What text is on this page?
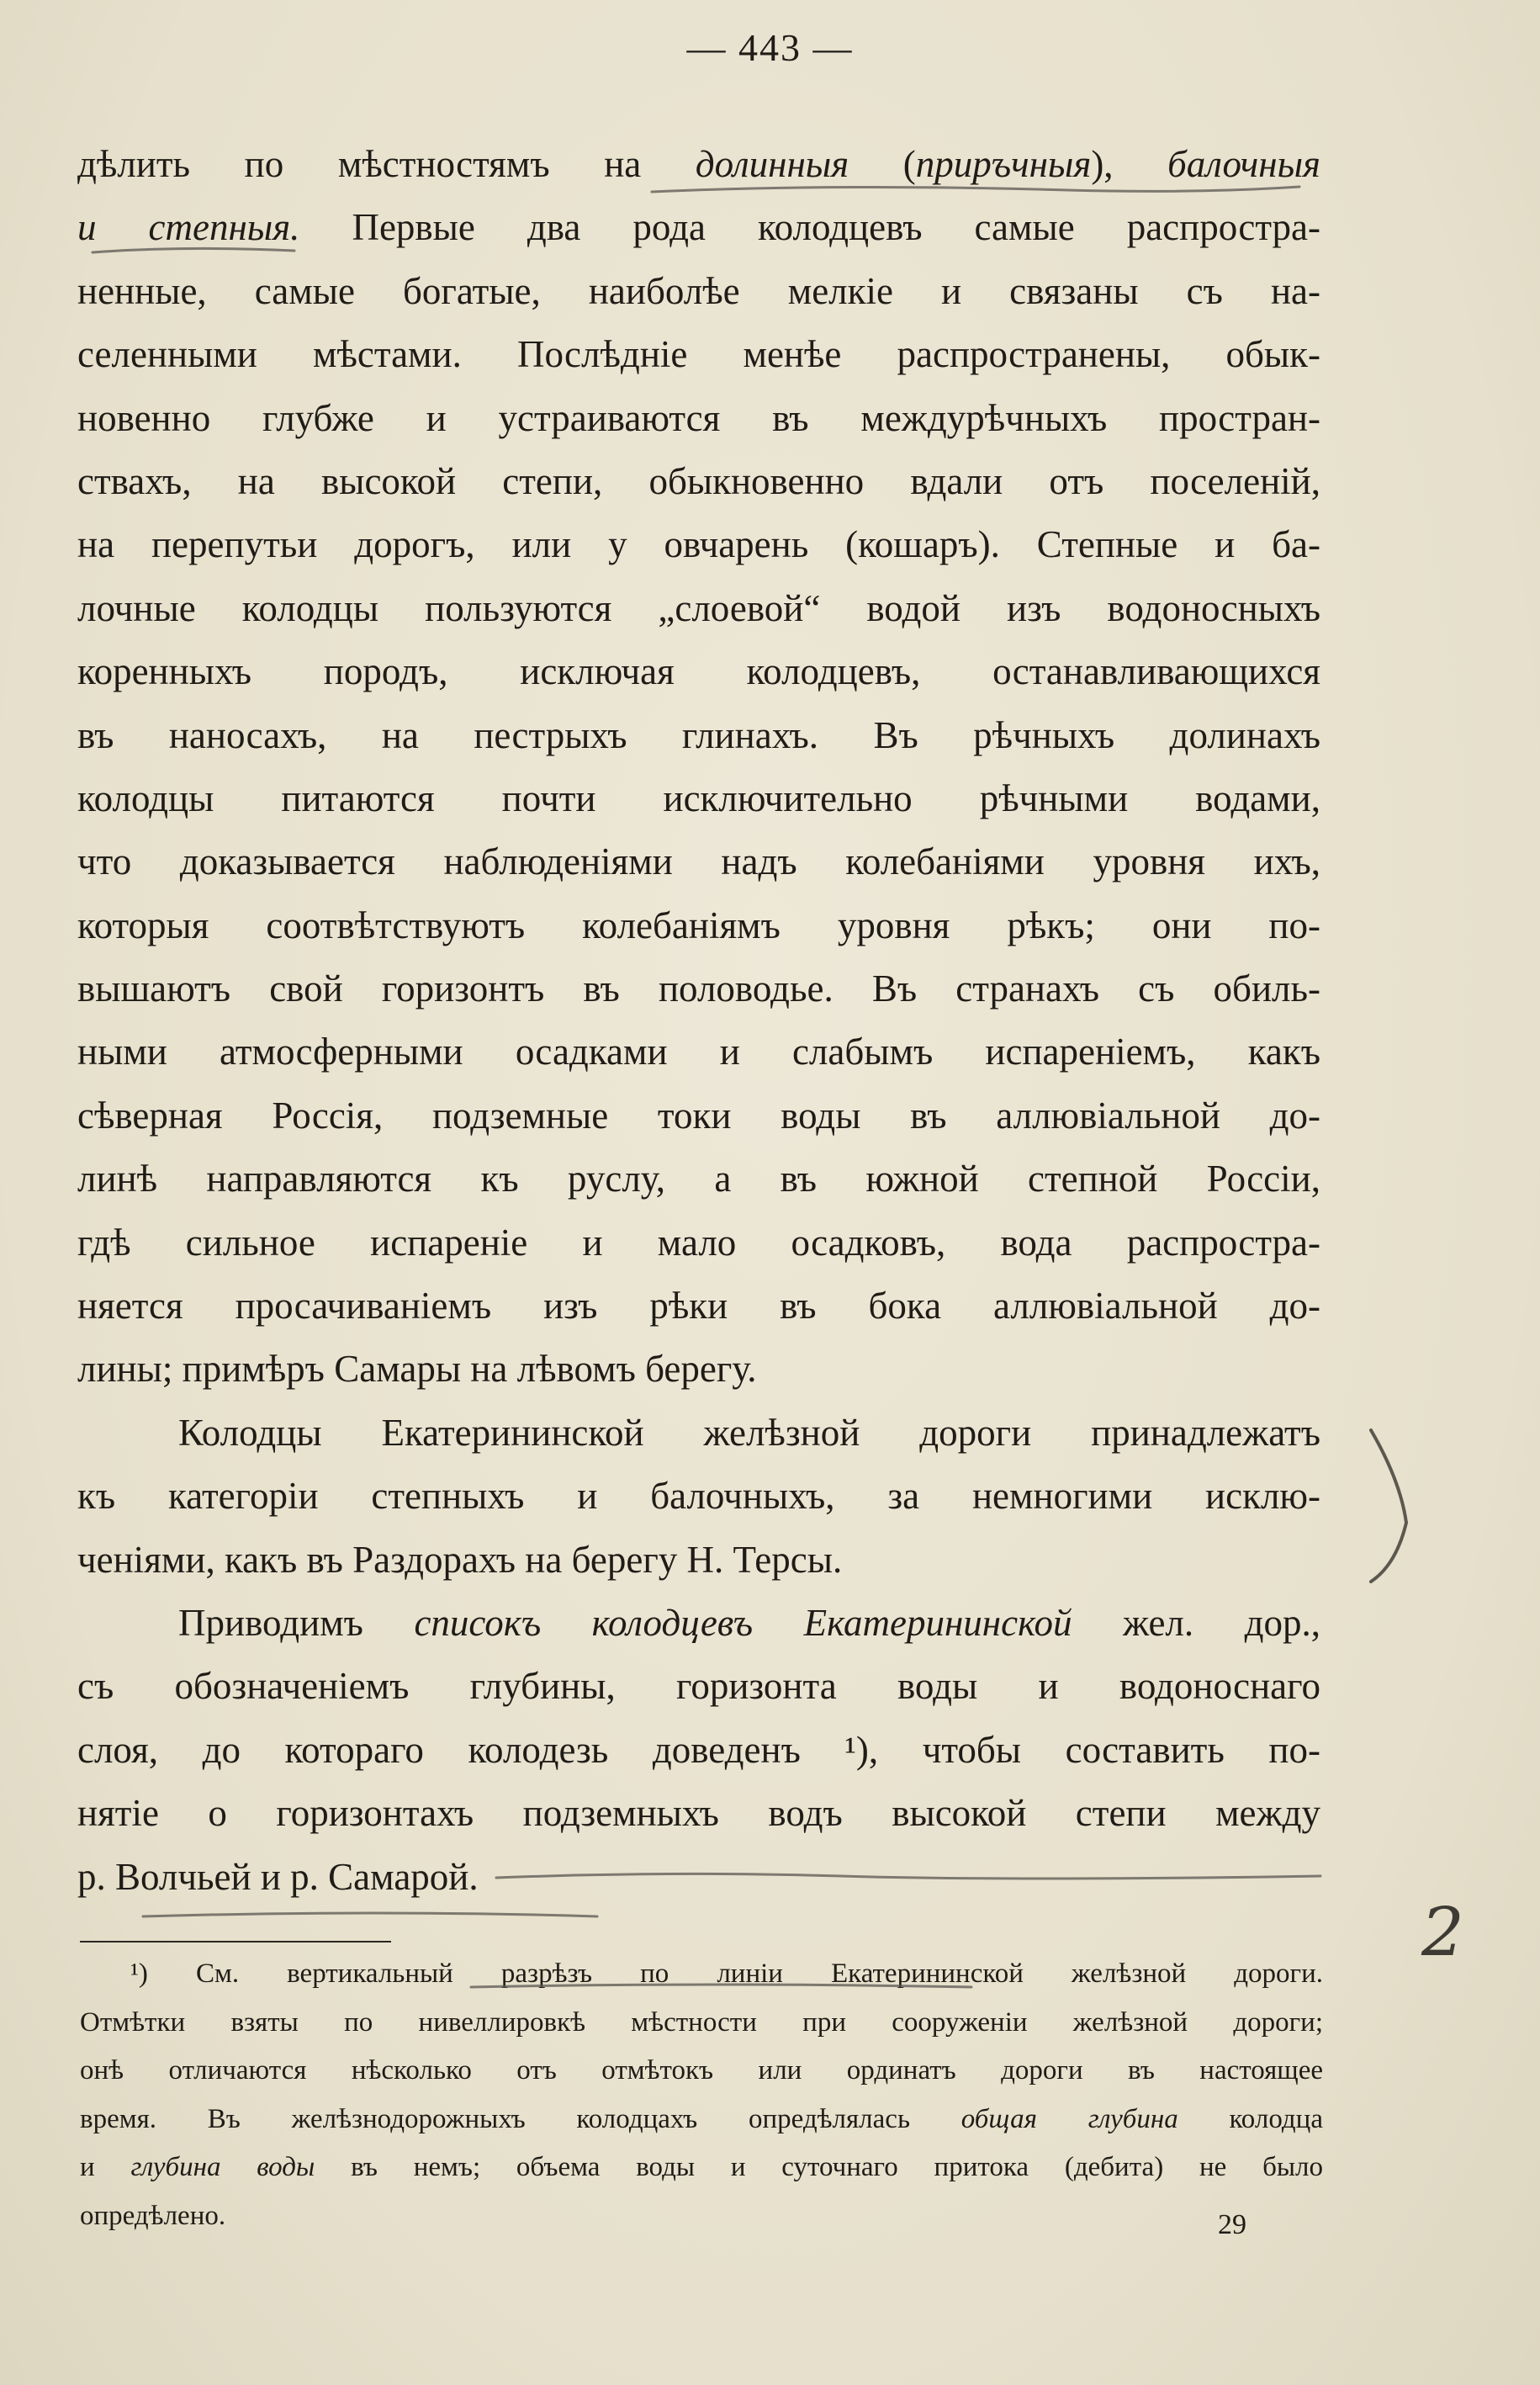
— 443 —
дѣлить по мѣстностямъ на долинныя (приръчныя), балочныя
и степныя. Первые два рода колодцевъ самые распростра-
ненные, самые богатые, наиболѣе мелкіе и связаны съ на-
селенными мѣстами. Послѣдніе менѣе распространены, обык-
новенно глубже и устраиваются въ междурѣчныхъ простран-
ствахъ, на высокой степи, обыкновенно вдали отъ поселеній,
на перепутьи дорогъ, или у овчарень (кошаръ). Степные и ба-
лочные колодцы пользуются „слоевой“ водой изъ водоносныхъ
коренныхъ породъ, исключая колодцевъ, останавливающихся
въ наносахъ, на пестрыхъ глинахъ. Въ рѣчныхъ долинахъ
колодцы питаются почти исключительно рѣчными водами,
что доказывается наблюденіями надъ колебаніями уровня ихъ,
которыя соотвѣтствуютъ колебаніямъ уровня рѣкъ; они по-
вышаютъ свой горизонтъ въ половодье. Въ странахъ съ обиль-
ными атмосферными осадками и слабымъ испареніемъ, какъ
сѣверная Россія, подземные токи воды въ аллювіальной до-
линѣ направляются къ руслу, а въ южной степной Россіи,
гдѣ сильное испареніе и мало осадковъ, вода распростра-
няется просачиваніемъ изъ рѣки въ бока аллювіальной до-
лины; примѣръ Самары на лѣвомъ берегу.
Колодцы Екатерининской желѣзной дороги принадлежатъ
къ категоріи степныхъ и балочныхъ, за немногими исклю-
ченіями, какъ въ Раздорахъ на берегу Н. Терсы.
Приводимъ списокъ колодцевъ Екатерининской жел. дор.,
съ обозначеніемъ глубины, горизонта воды и водоноснаго
слоя, до котораго колодезь доведенъ ¹), чтобы составить по-
нятіе о горизонтахъ подземныхъ водъ высокой степи между
р. Волчьей и р. Самарой.
¹) См. вертикальный разрѣзъ по линіи Екатерининской желѣзной дороги.
Отмѣтки взяты по нивеллировкѣ мѣстности при сооруженіи желѣзной дороги;
онѣ отличаются нѣсколько отъ отмѣтокъ или ординатъ дороги въ настоящее
время. Въ желѣзнодорожныхъ колодцахъ опредѣлялась общая глубина колодца
и глубина воды въ немъ; объема воды и суточнаго притока (дебита) не было
опредѣлено.	29
2
